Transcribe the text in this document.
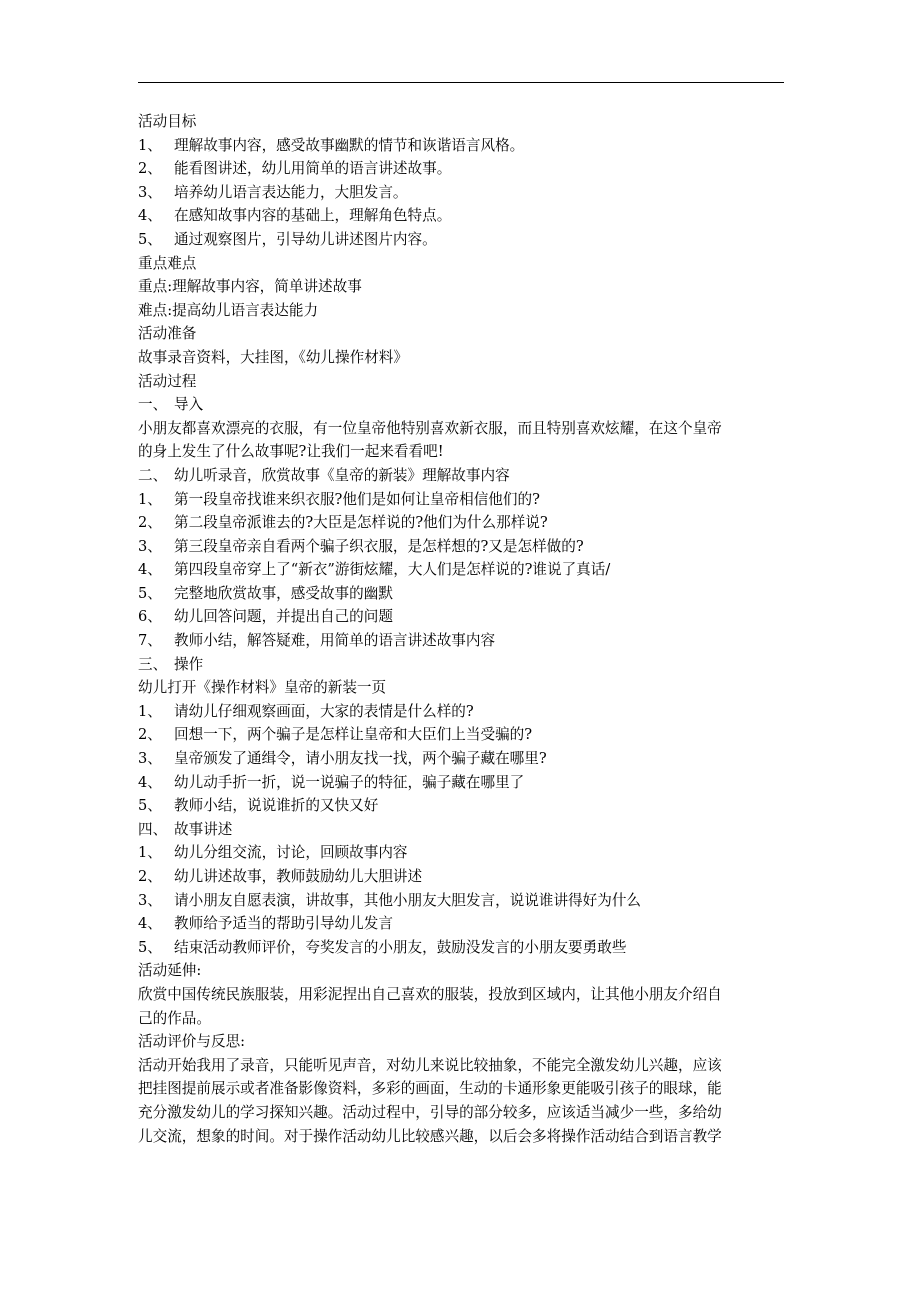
活动目标
1、 理解故事内容，感受故事幽默的情节和诙谐语言风格。
2、 能看图讲述，幼儿用简单的语言讲述故事。
3、 培养幼儿语言表达能力，大胆发言。
4、 在感知故事内容的基础上，理解角色特点。
5、 通过观察图片，引导幼儿讲述图片内容。
重点难点
重点:理解故事内容，简单讲述故事
难点:提高幼儿语言表达能力
活动准备
故事录音资料，大挂图，《幼儿操作材料》
活动过程
一、 导入
小朋友都喜欢漂亮的衣服，有一位皇帝他特别喜欢新衣服，而且特别喜欢炫耀，在这个皇帝
的身上发生了什么故事呢?让我们一起来看看吧!
二、 幼儿听录音，欣赏故事《皇帝的新装》理解故事内容
1、 第一段皇帝找谁来织衣服?他们是如何让皇帝相信他们的?
2、 第二段皇帝派谁去的?大臣是怎样说的?他们为什么那样说?
3、 第三段皇帝亲自看两个骗子织衣服，是怎样想的?又是怎样做的?
4、 第四段皇帝穿上了“新衣”游街炫耀，大人们是怎样说的?谁说了真话/
5、 完整地欣赏故事，感受故事的幽默
6、 幼儿回答问题，并提出自己的问题
7、 教师小结，解答疑难，用简单的语言讲述故事内容
三、 操作
幼儿打开《操作材料》皇帝的新装一页
1、 请幼儿仔细观察画面，大家的表情是什么样的?
2、 回想一下，两个骗子是怎样让皇帝和大臣们上当受骗的?
3、 皇帝颁发了通缉令，请小朋友找一找，两个骗子藏在哪里?
4、 幼儿动手折一折，说一说骗子的特征，骗子藏在哪里了
5、 教师小结，说说谁折的又快又好
四、 故事讲述
1、 幼儿分组交流，讨论，回顾故事内容
2、 幼儿讲述故事，教师鼓励幼儿大胆讲述
3、 请小朋友自愿表演，讲故事，其他小朋友大胆发言，说说谁讲得好为什么
4、 教师给予适当的帮助引导幼儿发言
5、 结束活动教师评价，夸奖发言的小朋友，鼓励没发言的小朋友要勇敢些
活动延伸:
欣赏中国传统民族服装，用彩泥捏出自己喜欢的服装，投放到区域内，让其他小朋友介绍自
己的作品。
活动评价与反思:
活动开始我用了录音，只能听见声音，对幼儿来说比较抽象，不能完全激发幼儿兴趣，应该
把挂图提前展示或者准备影像资料，多彩的画面，生动的卡通形象更能吸引孩子的眼球，能
充分激发幼儿的学习探知兴趣。活动过程中，引导的部分较多，应该适当减少一些，多给幼
儿交流，想象的时间。对于操作活动幼儿比较感兴趣，以后会多将操作活动结合到语言教学
